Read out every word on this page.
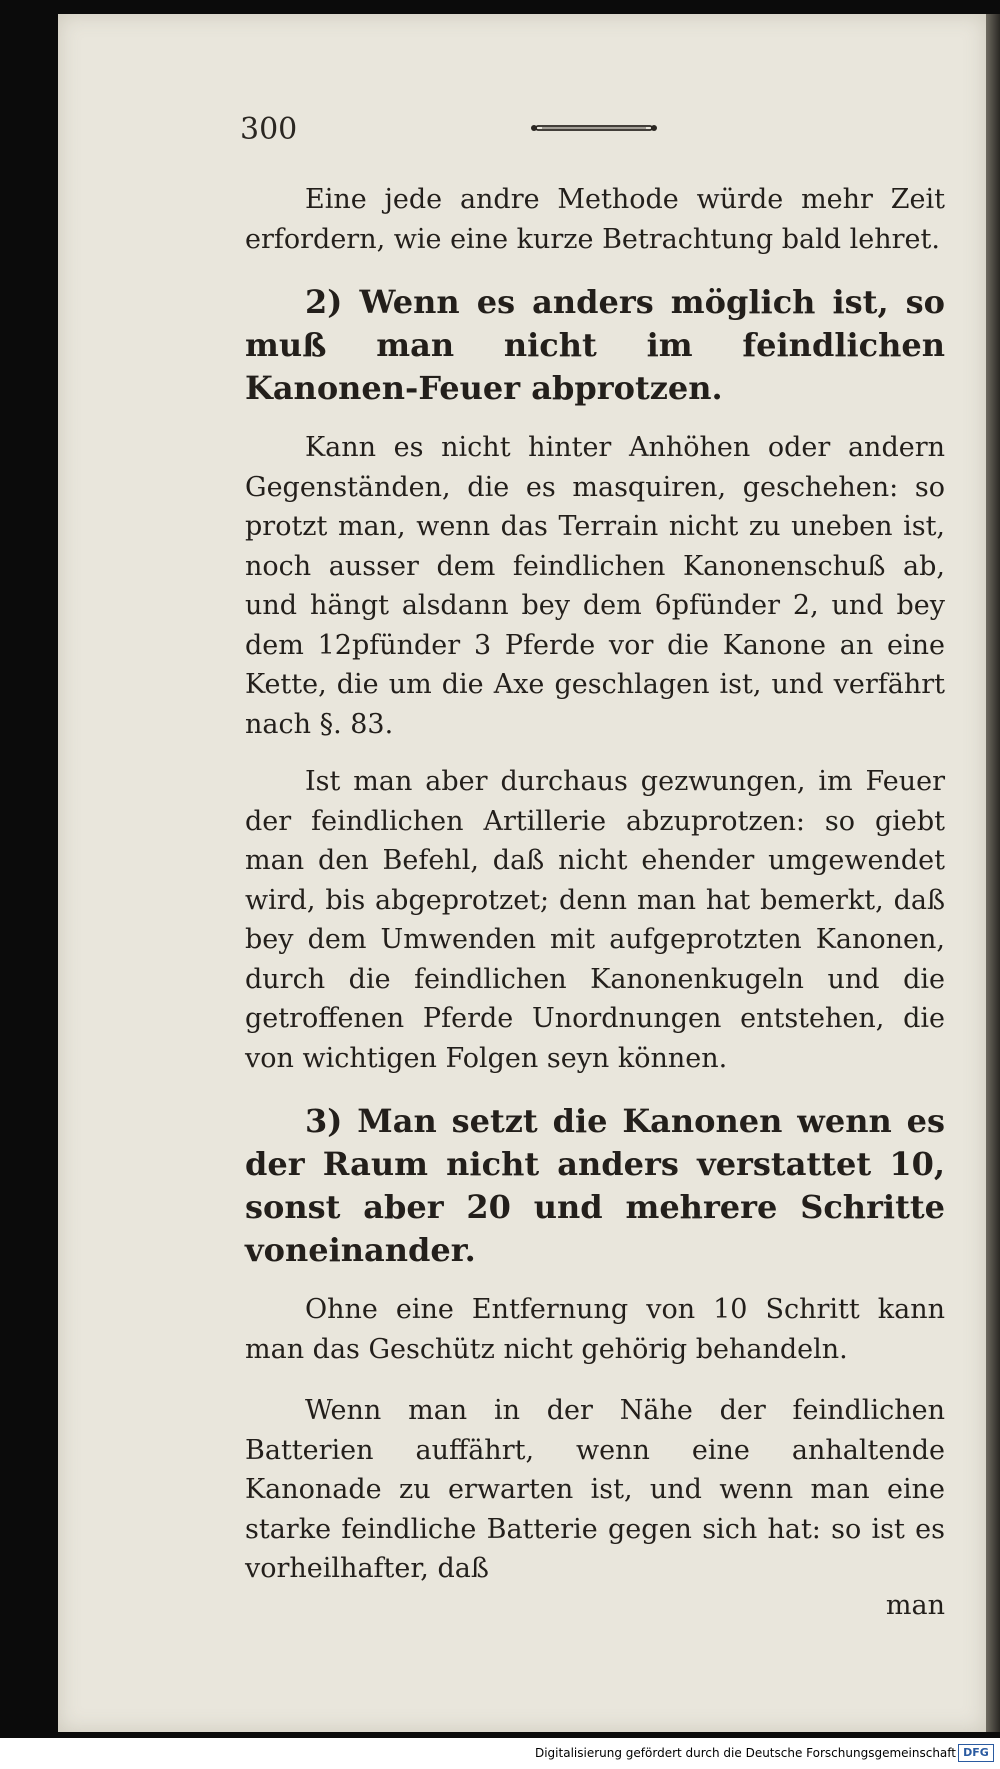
300

Eine jede andre Methode würde mehr Zeit erfordern, wie eine kurze Betrachtung bald lehret.

2) Wenn es anders möglich ist, so muß man nicht im feindlichen Kanonen-Feuer abprotzen.

Kann es nicht hinter Anhöhen oder andern Gegenständen, die es masquiren, geschehen: so protzt man, wenn das Terrain nicht zu uneben ist, noch ausser dem feindlichen Kanonenschuß ab, und hängt alsdann bey dem 6pfünder 2, und bey dem 12pfünder 3 Pferde vor die Kanone an eine Kette, die um die Axe geschlagen ist, und verfährt nach §. 83.

Ist man aber durchaus gezwungen, im Feuer der feindlichen Artillerie abzuprotzen: so giebt man den Befehl, daß nicht ehender umgewendet wird, bis abgeprotzet; denn man hat bemerkt, daß bey dem Umwenden mit aufgeprotzten Kanonen, durch die feindlichen Kanonenkugeln und die getroffenen Pferde Unordnungen entstehen, die von wichtigen Folgen seyn können.

3) Man setzt die Kanonen wenn es der Raum nicht anders verstattet 10, sonst aber 20 und mehrere Schritte voneinander.

Ohne eine Entfernung von 10 Schritt kann man das Geschütz nicht gehörig behandeln.

Wenn man in der Nähe der feindlichen Batterien auffährt, wenn eine anhaltende Kanonade zu erwarten ist, und wenn man eine starke feindliche Batterie gegen sich hat: so ist es vorheilhafter, daß

man

Digitalisierung gefördert durch die Deutsche Forschungsgemeinschaft DFG
